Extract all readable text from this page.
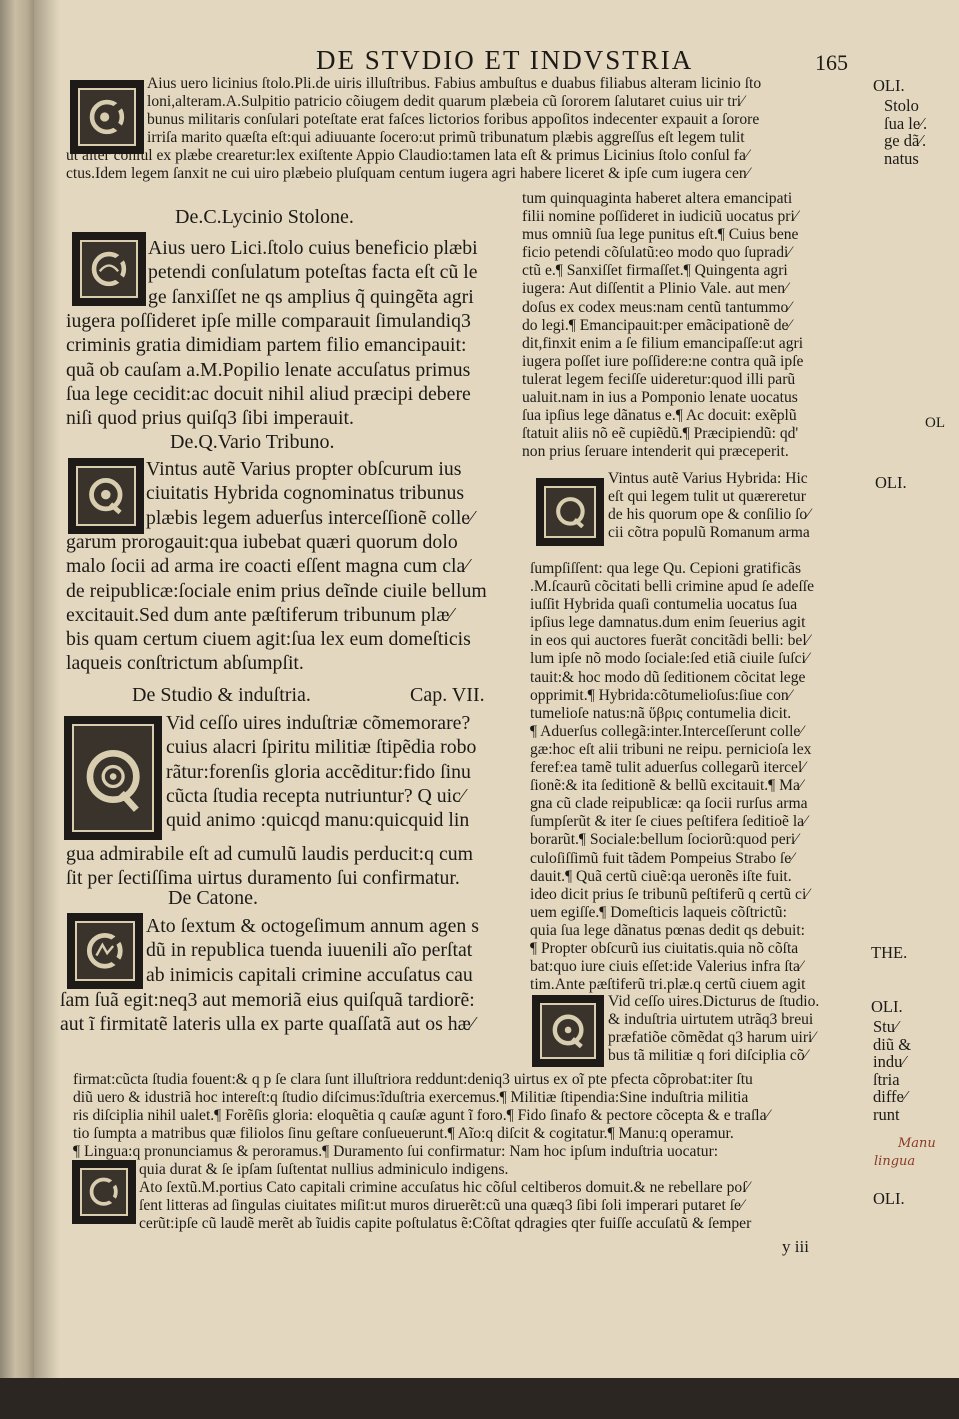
DE STVDIO ET INDVSTRIA	165
Aius uero licinius ſtolo.Pli.de uiris illuſtribus. Fabius ambuſtus e duabus filiabus alteram licinio ſto
loni,alteram.A.Sulpitio patricio cõiugem dedit quarum plæbeia cũ ſororem ſalutaret cuius uir tri⁄
bunus militaris conſulari poteſtate erat faſces lictorios foribus appoſitos indecenter expauit a ſorore
irriſa marito quæſta eſt:qui adiuuante ſocero:ut primũ tribunatum plæbis aggreſſus eſt legem tulit
ut alter conſul ex plæbe crearetur:lex exiſtente Appio Claudio:tamen lata eſt & primus Licinius ſtolo conſul fa⁄
ctus.Idem legem ſanxit ne cui uiro plæbeio pluſquam centum iugera agri habere liceret & ipſe cum iugera cen⁄
tum quinquaginta haberet altera emancipati
filii nomine poſſideret in iudiciũ uocatus pri⁄
mus omniũ ſua lege punitus eſt.¶ Cuius bene
ficio petendi cõſulatũ:eo modo quo ſupradi⁄
ctũ e.¶ Sanxiſſet firmaſſet.¶ Quingenta agri
iugera: Aut diſſentit a Plinio Vale. aut men⁄
doſus ex codex meus:nam centũ tantummo⁄
do legi.¶ Emancipauit:per emãcipationẽ de⁄
dit,finxit enim a ſe filium emancipaſſe:ut agri
iugera poſſet iure poſſidere:ne contra quã ipſe
tulerat legem feciſſe uideretur:quod illi parũ
ualuit.nam in ius a Pomponio lenate uocatus
ſua ipſius lege dãnatus e.¶ Ac docuit: exẽplũ
ſtatuit aliis nõ eẽ cupiẽdũ.¶ Præcipiendũ: qd'
non prius ſeruare intenderit qui præceperit.
Vintus autẽ Varius Hybrida: Hic
eſt qui legem tulit ut quæreretur
de his quorum ope & conſilio ſo⁄
cii cõtra populũ Romanum arma
ſumpſiſſent: qua lege Qu. Cepioni gratificãs
.M.ſcaurũ cõcitati belli crimine apud ſe adeſſe
iuſſit Hybrida quaſi contumelia uocatus ſua
ipſius lege damnatus.dum enim ſeuerius agit
in eos qui auctores fuerãt concitãdi belli: bel⁄
lum ipſe nõ modo ſociale:ſed etiã ciuile ſuſci⁄
tauit:& hoc modo dũ ſeditionem cõcitat lege
opprimit.¶ Hybrida:cõtumelioſus:ſiue con⁄
tumelioſe natus:nã ὕβρις contumelia dicit.
¶ Aduerſus collegã:inter.Interceſſerunt colle⁄
gæ:hoc eſt alii tribuni ne reipu. pernicioſa lex
feref:ea tamẽ tulit aduerſus collegarũ itercel⁄
ſionẽ:& ita ſeditionẽ & bellũ excitauit.¶ Ma⁄
gna cũ clade reipublicæ: qa ſocii rurſus arma
ſumpſerũt & iter ſe ciues peſtifera ſeditioẽ la⁄
borarũt.¶ Sociale:bellum ſociorũ:quod peri⁄
culoſiſſimũ fuit tãdem Pompeius Strabo ſe⁄
dauit.¶ Quã certũ ciuẽ:qa ueronẽs iſte fuit.
ideo dicit prius ſe tribunũ peſtiferũ q certũ ci⁄
uem egiſſe.¶ Domeſticis laqueis cõſtrictũ:
quia ſua lege dãnatus pœnas dedit qs debuit:
¶ Propter obſcurũ ius ciuitatis.quia nõ cõſta
bat:quo iure ciuis eſſet:ide Valerius infra ſta⁄
tim.Ante pæſtiferũ tri.plæ.q certũ ciuem agit
Vid ceſſo uires.Dicturus de ſtudio.
& induſtria uirtutem utrãq3 breui
præfatiõe cõmẽdat q3 harum uiri⁄
bus tã militiæ q fori diſciplia cõ⁄
De.C.Lycinio Stolone.
Aius uero Lici.ſtolo cuius beneficio plæbi
petendi conſulatum poteſtas facta eſt cũ le
ge ſanxiſſet ne qs amplius q̃ quingẽta agri
iugera poſſideret ipſe mille comparauit ſimulandiq3
criminis gratia dimidiam partem filio emancipauit:
quã ob cauſam a.M.Popilio lenate accuſatus primus
ſua lege cecidit:ac docuit nihil aliud præcipi debere
niſi quod prius quiſq3 ſibi imperauit.
De.Q.Vario Tribuno.
Vintus autẽ Varius propter obſcurum ius
ciuitatis Hybrida cognominatus tribunus
plæbis legem aduerſus interceſſionẽ colle⁄
garum prorogauit:qua iubebat quæri quorum dolo
malo ſocii ad arma ire coacti eſſent magna cum cla⁄
de reipublicæ:ſociale enim prius deĩnde ciuile bellum
excitauit.Sed dum ante pæſtiferum tribunum plæ⁄
bis quam certum ciuem agit:ſua lex eum domeſticis
laqueis conſtrictum abſumpſit.
De Studio & induſtria.	Cap. VII.
Vid ceſſo uires induſtriæ cõmemorare?
cuius alacri ſpiritu militiæ ſtipẽdia robo
rãtur:forenſis gloria accẽditur:fido ſinu
cũcta ſtudia recepta nutriuntur? Q uic⁄
quid animo :quicqd manu:quicquid lin
gua admirabile eſt ad cumulũ laudis perducit:q cum
ſit per ſectiſſima uirtus duramento ſui confirmatur.
De Catone.
Ato ſextum & octogeſimum annum agen s
dũ in republica tuenda iuuenili aĩo perſtat
ab inimicis capitali crimine accuſatus cau
ſam ſuã egit:neq3 aut memoriã eius quiſquã tardiorẽ:
aut ĩ firmitatẽ lateris ulla ex parte quaſſatã aut os hæ⁄
firmat:cũcta ſtudia fouent:& q p ſe clara ſunt illuſtriora reddunt:deniq3 uirtus ex oĩ pte pfecta cõprobat:iter ſtu
diũ uero & idustriã hoc intereſt:q ſtudio diſcimus:ĩduſtria exercemus.¶ Militiæ ſtipendia:Sine induſtria militia
ris diſciplia nihil ualet.¶ Forẽſis gloria: eloquẽtia q cauſæ agunt ĩ foro.¶ Fido ſinafo & pectore cõcepta & e traſla⁄
tio ſumpta a matribus quæ filiolos ſinu geſtare conſueuerunt.¶ Aĩo:q diſcit & cogitatur.¶ Manu:q operamur.
¶ Lingua:q pronunciamus & peroramus.¶ Duramento ſui confirmatur: Nam hoc ipſum induſtria uocatur:
quia durat & ſe ipſam ſuſtentat nullius adminiculo indigens.
Ato ſextũ.M.portius Cato capitali crimine accuſatus hic cõſul celtiberos domuit.& ne rebellare poſ⁄
ſent litteras ad ſingulas ciuitates miſit:ut muros diruerẽt:cũ una quæq3 ſibi ſoli imperari putaret ſe⁄
cerũt:ipſe cũ laudẽ merẽt ab ĩuidis capite poſtulatus ẽ:Cõſtat qdragies qter fuiſſe accuſatũ & ſemper
y iii
OLI.
Stolo
ſua le⁄.
ge dã⁄.
natus
OL
OLI.
THE.
OLI.
Stu⁄
diũ &
indu⁄
ſtria
diffe⁄
runt
Manu
lingua
OLI.
